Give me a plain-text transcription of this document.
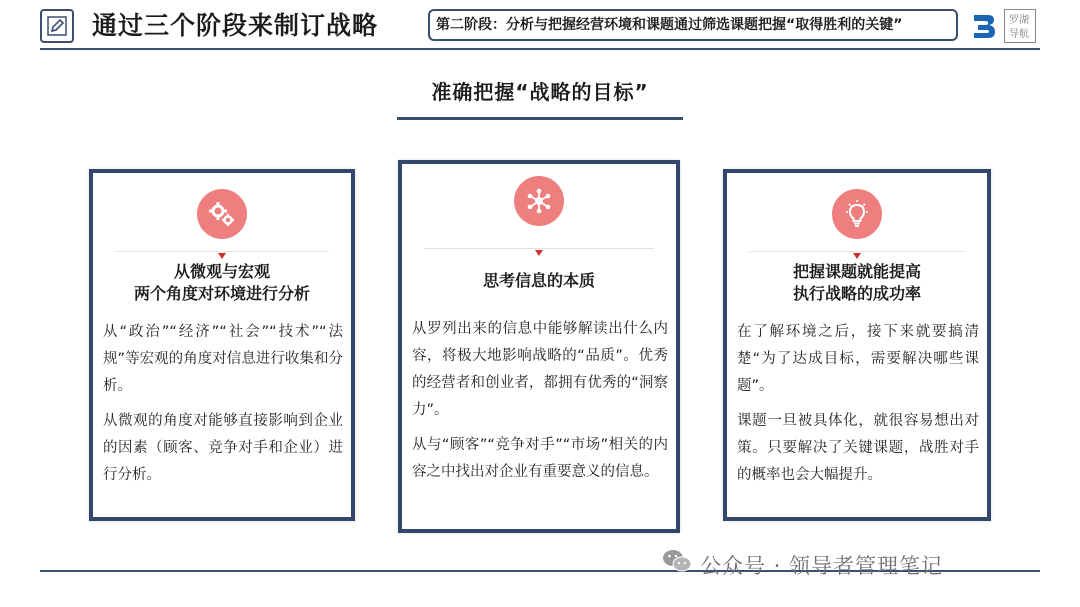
通过三个阶段来制订战略	第二阶段：分析与把握经营环境和课题通过筛选课题把握“取得胜利的关键”	罗湖
导航
准确把握“战略的目标”
从微观与宏观
两个角度对环境进行分析

从“政治”“经济”“社会”“技术”“法规”等宏观的角度对信息进行收集和分析。

从微观的角度对能够直接影响到企业的因素（顾客、竞争对手和企业）进行分析。

思考信息的本质

从罗列出来的信息中能够解读出什么内容，将极大地影响战略的“品质”。优秀的经营者和创业者，都拥有优秀的“洞察力”。

从与“顾客”“竞争对手”“市场”相关的内容之中找出对企业有重要意义的信息。

把握课题就能提高
执行战略的成功率

在了解环境之后，接下来就要搞清楚“为了达成目标，需要解决哪些课题”。

课题一旦被具体化，就很容易想出对策。只要解决了关键课题，战胜对手的概率也会大幅提升。

公众号 · 领导者管理笔记
